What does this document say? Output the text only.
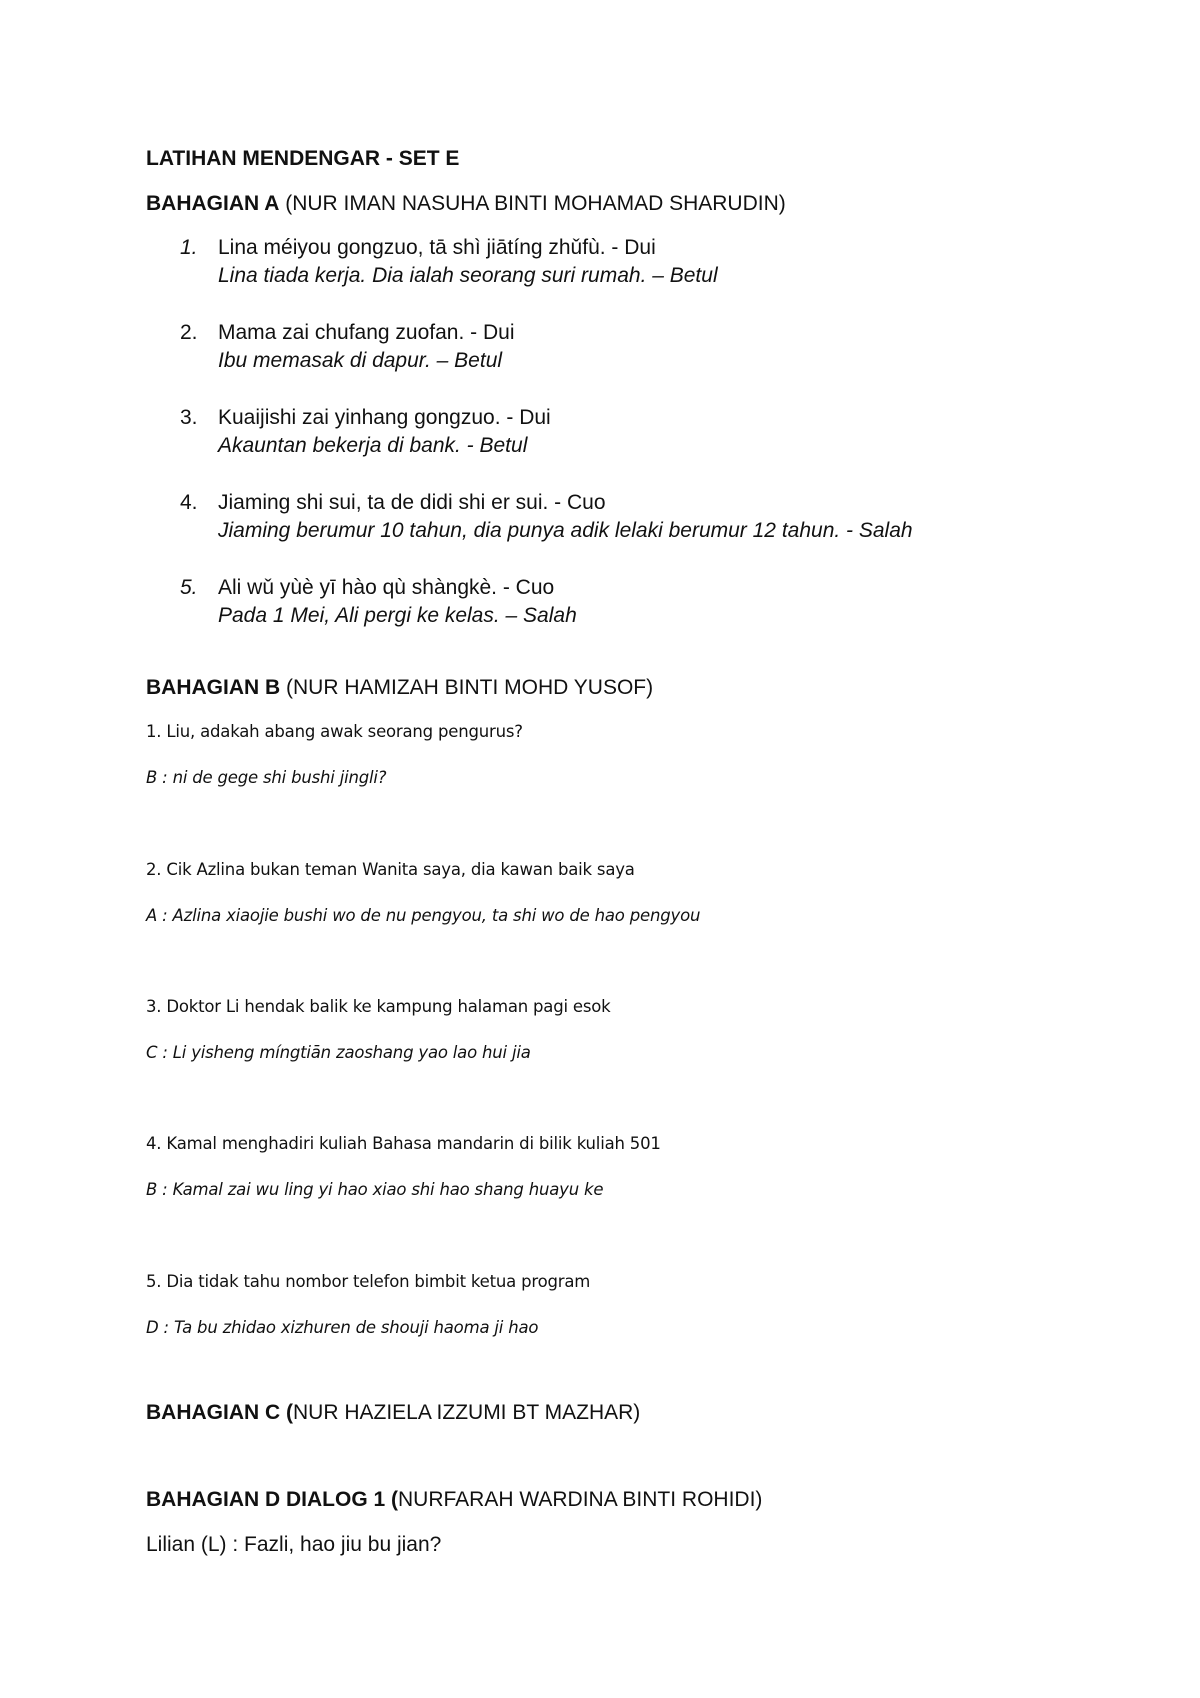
LATIHAN MENDENGAR - SET E
BAHAGIAN A (NUR IMAN NASUHA BINTI MOHAMAD SHARUDIN)
1. Lina méiyou gongzuo, tā shì jiātíng zhǔfù. - Dui
Lina tiada kerja. Dia ialah seorang suri rumah. – Betul
2. Mama zai chufang zuofan. - Dui
Ibu memasak di dapur. – Betul
3. Kuaijishi zai yinhang gongzuo. - Dui
Akauntan bekerja di bank. - Betul
4. Jiaming shi sui, ta de didi shi er sui. - Cuo
Jiaming berumur 10 tahun, dia punya adik lelaki berumur 12 tahun. - Salah
5. Ali wǔ yùè yī hào qù shàngkè. - Cuo
Pada 1 Mei, Ali pergi ke kelas. – Salah
BAHAGIAN B (NUR HAMIZAH BINTI MOHD YUSOF)
1. Liu, adakah abang awak seorang pengurus?
B : ni de gege shi bushi jingli?
2. Cik Azlina bukan teman Wanita saya, dia kawan baik saya
A : Azlina xiaojie bushi wo de nu pengyou, ta shi wo de hao pengyou
3. Doktor Li hendak balik ke kampung halaman pagi esok
C : Li yisheng míngtiān zaoshang yao lao hui jia
4. Kamal menghadiri kuliah Bahasa mandarin di bilik kuliah 501
B : Kamal zai wu ling yi hao xiao shi hao shang huayu ke
5. Dia tidak tahu nombor telefon bimbit ketua program
D : Ta bu zhidao xizhuren de shouji haoma ji hao
BAHAGIAN C (NUR HAZIELA IZZUMI BT MAZHAR)
BAHAGIAN D DIALOG 1 (NURFARAH WARDINA BINTI ROHIDI)
Lilian (L) : Fazli, hao jiu bu jian?
